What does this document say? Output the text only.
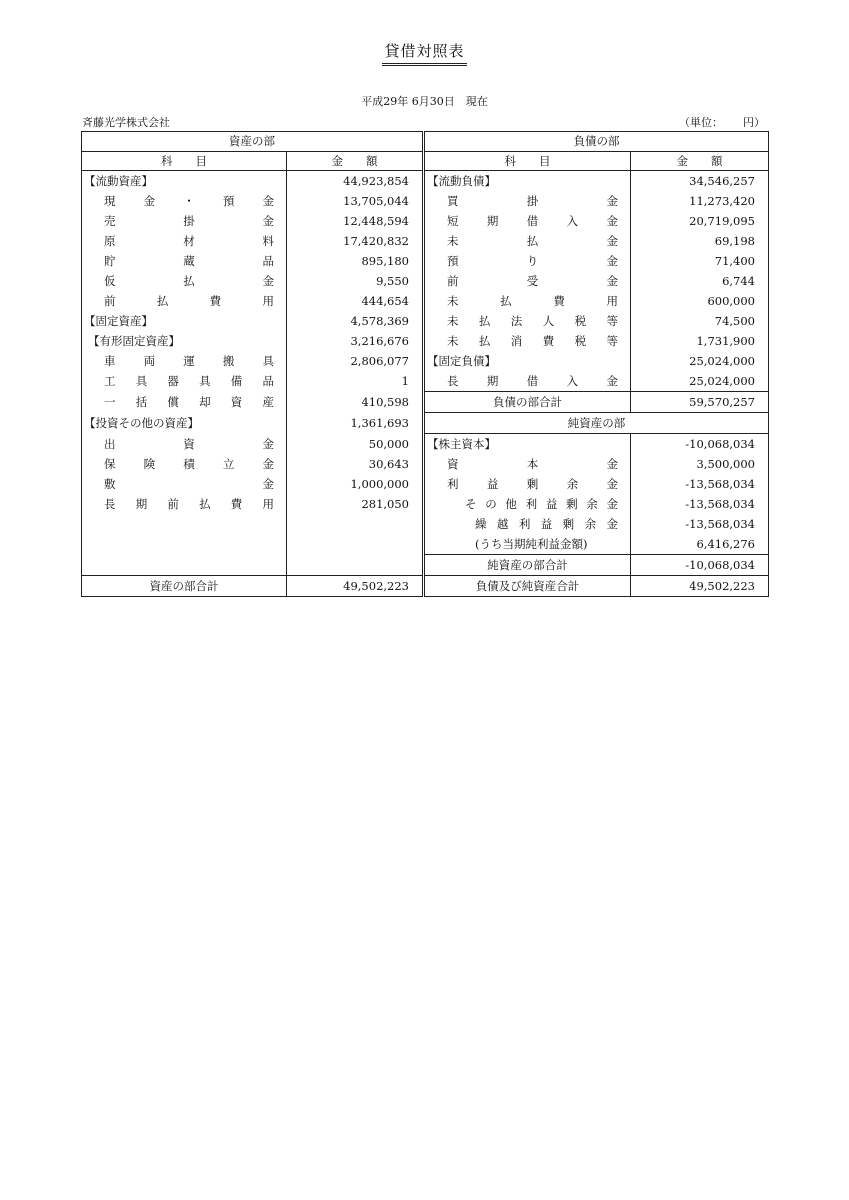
貸借対照表
平成29年 6月30日　現在
斉藤光学株式会社	（単位：　　 円）
資産の部		負債の部	
科　　目	金　　額	科　　目	金　　額
【流動資産】	44,923,854	【流動負債】	34,546,257

現金・預金	13,705,044	買掛金	11,273,420

売掛金	12,448,594	短期借入金	20,719,095

原材料	17,420,832	未払金	69,198

貯蔵品	895,180	預り金	71,400

仮払金	9,550	前受金	6,744

前払費用	444,654	未払費用	600,000
【固定資産】	4,578,369	未払法人税等	74,500
【有形固定資産】	3,216,676	未払消費税等	1,731,900

車両運搬具	2,806,077	【固定負債】	25,024,000

工具器具備品	1	長期借入金	25,024,000

一括償却資産	410,598	負債の部合計	59,570,257
【投資その他の資産】	1,361,693	純資産の部	

出資金	50,000	【株主資本】	-10,068,034

保険積立金	30,643	資本金	3,500,000

敷金	1,000,000	利益剰余金	-13,568,034

長期前払費用	281,050	その他利益剰余金	-13,568,034

		繰越利益剰余金	-13,568,034
		(うち当期純利益金額)	6,416,276
		純資産の部合計	-10,068,034
資産の部合計	49,502,223	負債及び純資産合計	49,502,223
